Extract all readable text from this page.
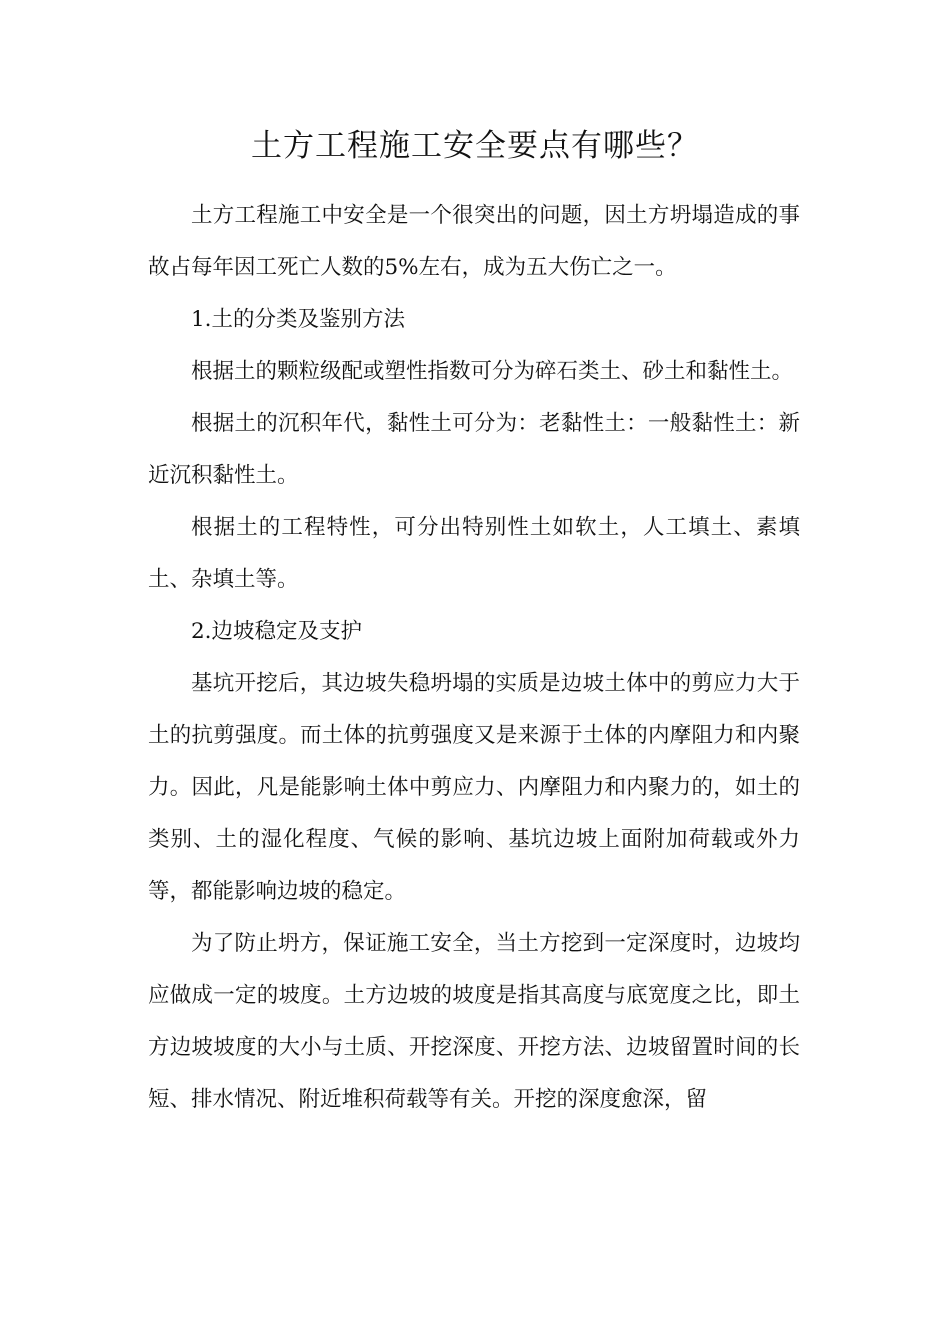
土方工程施工安全要点有哪些？

土方工程施工中安全是一个很突出的问题，因土方坍塌造成的事故占每年因工死亡人数的5%左右，成为五大伤亡之一。

1.土的分类及鉴别方法

根据土的颗粒级配或塑性指数可分为碎石类土、砂土和黏性土。

根据土的沉积年代，黏性土可分为：老黏性土：一般黏性土：新近沉积黏性土。

根据土的工程特性，可分出特别性土如软土，人工填土、素填土、杂填土等。

2.边坡稳定及支护

基坑开挖后，其边坡失稳坍塌的实质是边坡土体中的剪应力大于土的抗剪强度。而土体的抗剪强度又是来源于土体的内摩阻力和内聚力。因此，凡是能影响土体中剪应力、内摩阻力和内聚力的，如土的类别、土的湿化程度、气候的影响、基坑边坡上面附加荷载或外力等，都能影响边坡的稳定。

为了防止坍方，保证施工安全，当土方挖到一定深度时，边坡均应做成一定的坡度。土方边坡的坡度是指其高度与底宽度之比，即土方边坡坡度的大小与土质、开挖深度、开挖方法、边坡留置时间的长短、排水情况、附近堆积荷载等有关。开挖的深度愈深，留
